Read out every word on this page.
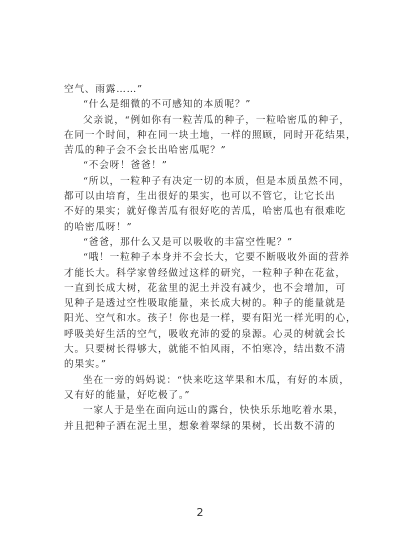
空气、雨露……”
“什么是细微的不可感知的本质呢？”
父亲说，“例如你有一粒苦瓜的种子，一粒哈密瓜的种子，
在同一个时间，种在同一块土地，一样的照顾，同时开花结果，
苦瓜的种子会不会长出哈密瓜呢？”
“不会呀！爸爸！”
“所以，一粒种子有决定一切的本质，但是本质虽然不同，
都可以由培育，生出很好的果实，也可以不管它，让它长出
不好的果实；就好像苦瓜有很好吃的苦瓜，哈密瓜也有很难吃
的哈密瓜呀！”
“爸爸，那什么又是可以吸收的丰富空性呢？”
“哦！一粒种子本身并不会长大，它要不断吸收外面的营养
才能长大。科学家曾经做过这样的研究，一粒种子种在花盆，
一直到长成大树，花盆里的泥土并没有减少，也不会增加，可
见种子是透过空性吸取能量，来长成大树的。种子的能量就是
阳光、空气和水。孩子！你也是一样，要有阳光一样光明的心，
呼吸美好生活的空气，吸收充沛的爱的泉源。心灵的树就会长
大。只要树长得够大，就能不怕风雨，不怕寒冷，结出数不清
的果实。”
坐在一旁的妈妈说：“快来吃这苹果和木瓜，有好的本质，
又有好的能量，好吃极了。”
一家人于是坐在面向远山的露台，快快乐乐地吃着水果，
并且把种子洒在泥土里，想象着翠绿的果树，长出数不清的
2
